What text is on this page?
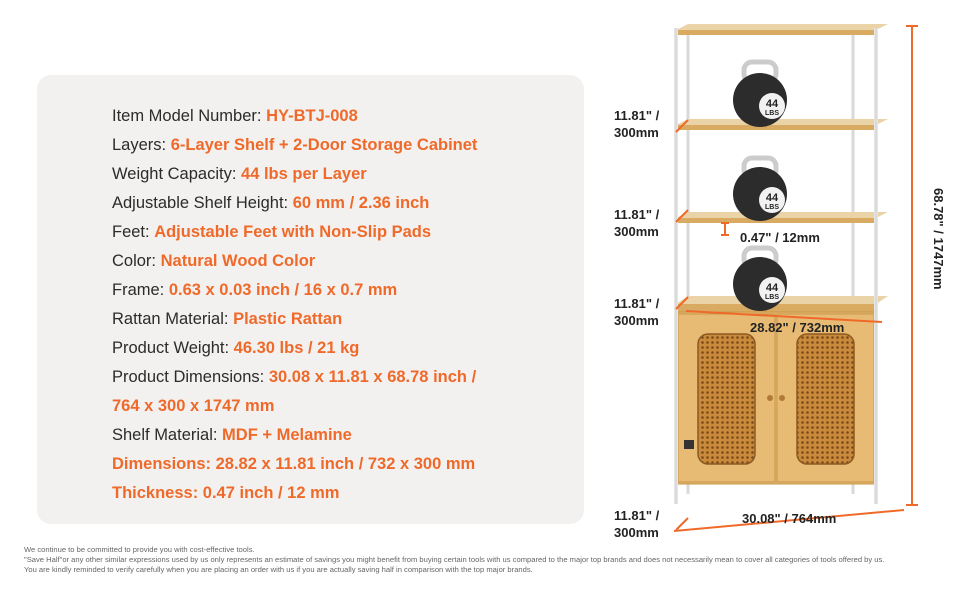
Item Model Number: HY-BTJ-008
Layers: 6-Layer Shelf + 2-Door Storage Cabinet
Weight Capacity: 44 lbs per Layer
Adjustable Shelf Height: 60 mm / 2.36 inch
Feet: Adjustable Feet with Non-Slip Pads
Color: Natural Wood Color
Frame: 0.63 x 0.03 inch / 16 x 0.7 mm
Rattan Material: Plastic Rattan
Product Weight: 46.30 lbs / 21 kg
Product Dimensions: 30.08 x 11.81 x 68.78 inch /
764 x 300 x 1747 mm
Shelf Material: MDF + Melamine
Dimensions: 28.82 x 11.81 inch / 732 x 300 mm
Thickness: 0.47 inch / 12 mm
44
LBS
44
LBS
44
LBS
11.81" /
300mm
11.81" /
300mm
11.81" /
300mm
11.81" /
300mm
0.47" / 12mm
28.82" / 732mm
30.08" / 764mm
68.78" / 1747mm
We continue to be committed to provide you with cost-effective tools.
"Save Half"or any other similar expressions used by us only represents an estimate of savings you might benefit from buying certain tools with us compared to the major top brands and does not necessarily mean to cover all categories of tools offered by us.
You are kindly reminded to verify carefully when you are placing an order with us if you are actually saving half in comparison with the top major brands.
